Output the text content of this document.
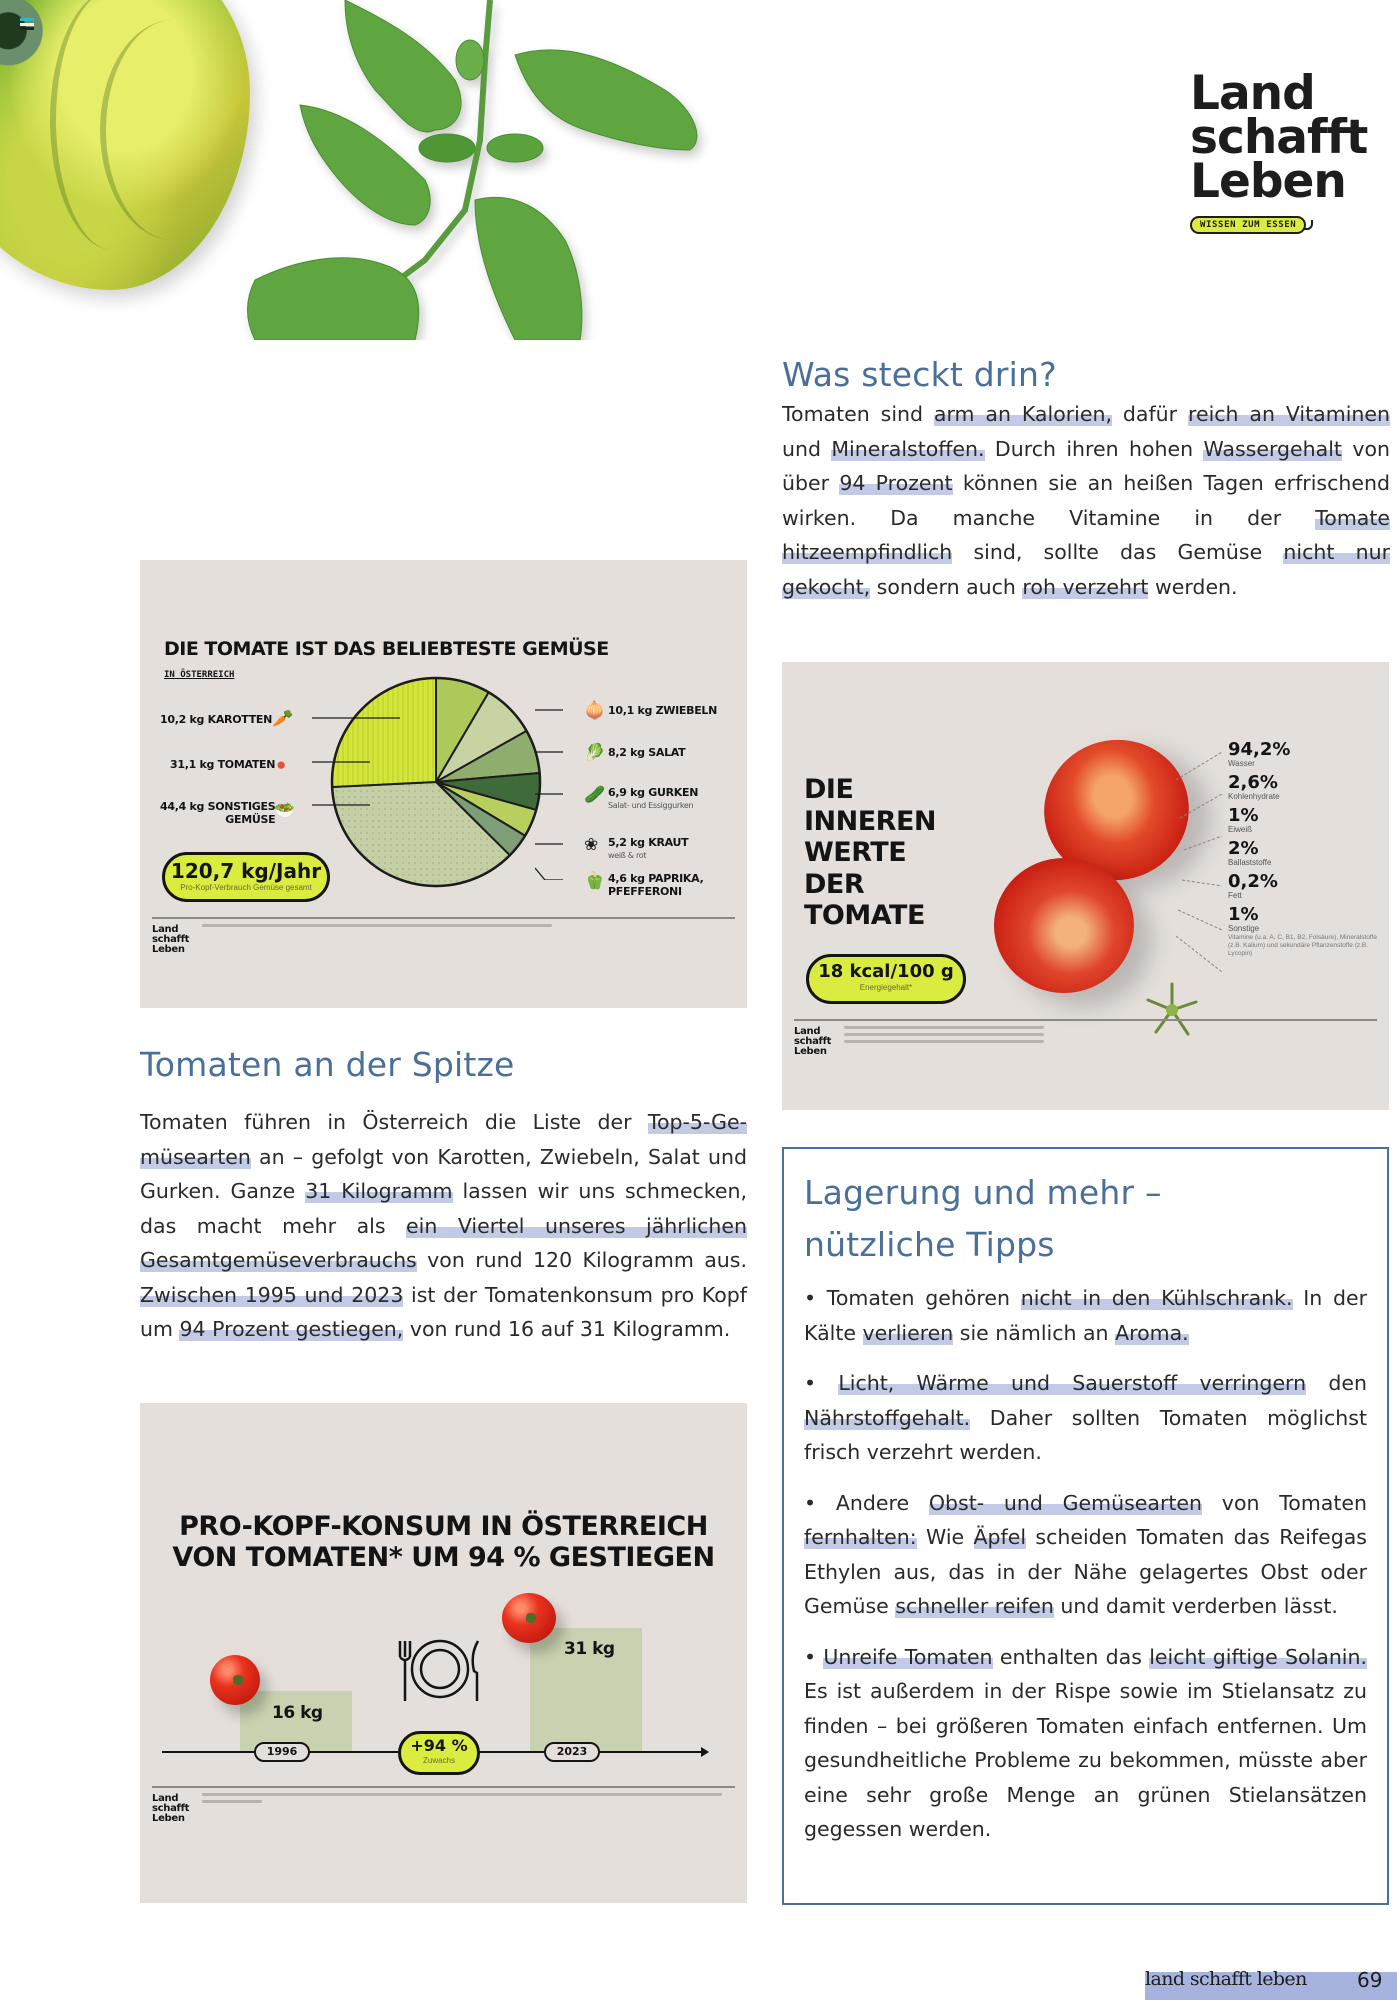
Land
schafft
Leben
WISSEN ZUM ESSEN
Was steckt drin?

Tomaten sind arm an Kalorien, dafür reich an Vitaminen und Mineralstoffen. Durch ihren hohen Wassergehalt von über 94 Prozent können sie an heißen Tagen erfrischend wirken. Da manche Vitamine in der Tomate hitzeempfindlich sind, sollte das Gemüse nicht nur gekocht, sondern auch roh verzehrt werden.

DIE TOMATE IST DAS BELIEBTESTE GEMÜSE
IN ÖSTERREICH
10,2 kg KAROTTEN 🥕
31,1 kg TOMATEN ●
44,4 kg SONSTIGES
GEMÜSE
🥗
🧅 10,1 kg ZWIEBELN
🥬 8,2 kg SALAT
🥒 6,9 kg GURKEN
Salat- und Essiggurken
❀ 5,2 kg KRAUT
weiß & rot
🫑 4,6 kg PAPRIKA,
PFEFFERONI
120,7 kg/Jahr
Pro-Kopf-Verbrauch Gemüse gesamt
Land
schafft
Leben
DIE
INNEREN
WERTE
DER
TOMATE
18 kcal/100 g
Energiegehalt*
94,2%
Wasser
2,6%
Kohlenhydrate
1%
Eiweiß
2%
Ballaststoffe
0,2%
Fett
1%
Sonstige
Vitamine (u.a. A, C, B1, B2, Folsäure), Mineralstoffe (z.B. Kalium) und sekundäre Pflanzenstoffe (z.B. Lycopin)
Land
schafft
Leben
Tomaten an der Spitze

Tomaten führen in Österreich die Liste der Top-5-Gemüsearten an – gefolgt von Karotten, Zwiebeln, Salat und Gurken. Ganze 31 Kilogramm lassen wir uns schmecken, das macht mehr als ein Viertel unseres jährlichen Gesamtgemüseverbrauchs von rund 120 Kilogramm aus. Zwischen 1995 und 2023 ist der Tomatenkonsum pro Kopf um 94 Prozent gestiegen, von rund 16 auf 31 Kilogramm.

Lagerung und mehr –
nützliche Tipps

• Tomaten gehören nicht in den Kühlschrank. In der Kälte verlieren sie nämlich an Aroma.

• Licht, Wärme und Sauerstoff verringern den Nährstoffgehalt. Daher sollten Tomaten möglichst frisch verzehrt werden.

• Andere Obst- und Gemüsearten von Tomaten fernhalten: Wie Äpfel scheiden Tomaten das Reifegas Ethylen aus, das in der Nähe gelagertes Obst oder Gemüse schneller reifen und damit verderben lässt.

• Unreife Tomaten enthalten das leicht giftige Solanin. Es ist außerdem in der Rispe sowie im Stielansatz zu finden – bei größeren Tomaten einfach entfernen. Um gesundheitliche Probleme zu bekommen, müsste aber eine sehr große Menge an grünen Stielansätzen gegessen werden.

PRO-KOPF-KONSUM IN ÖSTERREICH
VON TOMATEN* UM 94 % GESTIEGEN
16 kg
31 kg
1996	2023
+94 %
Zuwachs
Land
schafft
Leben
land schafft leben	69
